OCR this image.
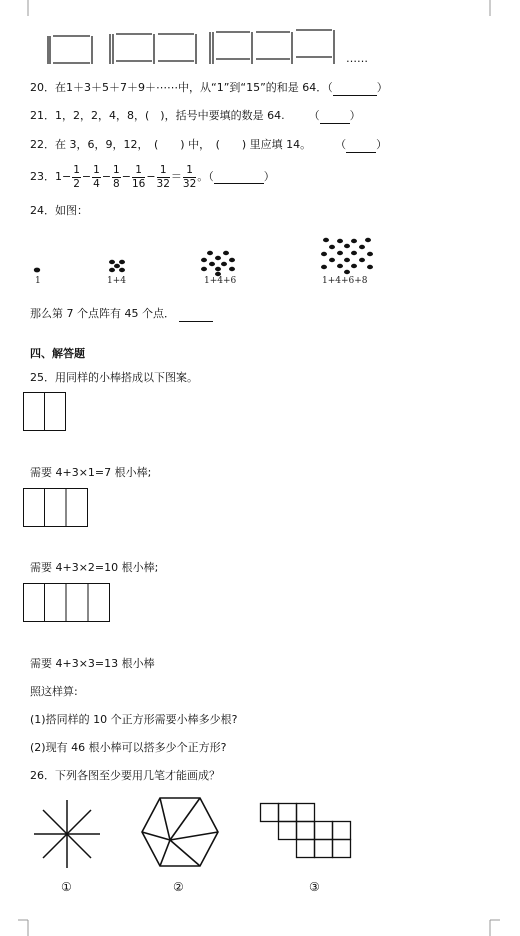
……
20．在1＋3＋5＋7＋9＋⋯⋯中，从“1”到“15”的和是 64．（	）
21．1，2，2，4，8，(　)，括号中要填的数是 64. （	）
22．在 3，6，9，12，　(　　) 中，　(　　) 里应填 14。 （	）
23．$1- \frac{1}{2} - \frac{1}{4} - \frac{1}{8} - \frac{1}{16} - \frac{1}{32} = \frac{1}{32}$ 。（	）
24．如图：
1	1+4	1+4+6	1+4+6+8
那么第 7 个点阵有 45 个点．
四、解答题
25．用同样的小棒搭成以下图案。
需要 4+3×1=7 根小棒;
需要 4+3×2=10 根小棒;
需要 4+3×3=13 根小棒
照这样算:
(1)搭同样的 10 个正方形需要小棒多少根?
(2)现有 46 根小棒可以搭多少个正方形?
26．下列各图至少要用几笔才能画成？
①	②	③
